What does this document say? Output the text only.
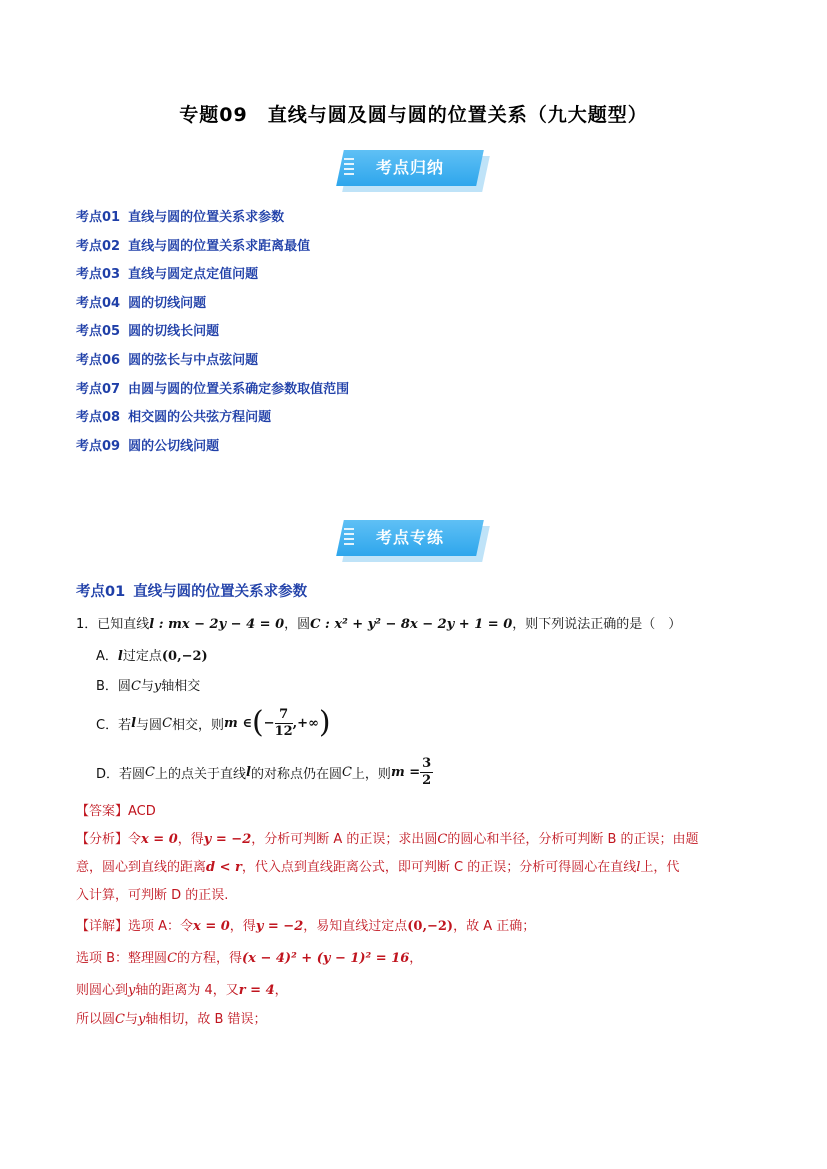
专题09　直线与圆及圆与圆的位置关系（九大题型）
考点归纳
考点01 直线与圆的位置关系求参数
考点02 直线与圆的位置关系求距离最值
考点03 直线与圆定点定值问题
考点04 圆的切线问题
考点05 圆的切线长问题
考点06 圆的弦长与中点弦问题
考点07 由圆与圆的位置关系确定参数取值范围
考点08 相交圆的公共弦方程问题
考点09 圆的公切线问题
考点专练
考点01 直线与圆的位置关系求参数
1．已知直线l : mx − 2y − 4 = 0，圆C : x² + y² − 8x − 2y + 1 = 0，则下列说法正确的是（　）
A．l过定点(0,−2)
B．圆C与y轴相交
C． 若 l 与圆 C 相交，则 m ∈ ( − $\frac{7}{12}$ ,+∞ )
D． 若圆 C 上的点关于直线 l 的对称点仍在圆 C 上，则 $m = \frac{3}{2}$
【答案】ACD
【分析】令x = 0，得y = −2，分析可判断 A 的正误；求出圆C的圆心和半径，分析可判断 B 的正误；由题
意，圆心到直线的距离d < r，代入点到直线距离公式，即可判断 C 的正误；分析可得圆心在直线l上，代
入计算，可判断 D 的正误.
【详解】选项 A：令x = 0，得y = −2，易知直线过定点(0,−2)，故 A 正确；
选项 B：整理圆C的方程，得(x − 4)² + (y − 1)² = 16，
则圆心到y轴的距离为 4，又r = 4，
所以圆C与y轴相切，故 B 错误；
